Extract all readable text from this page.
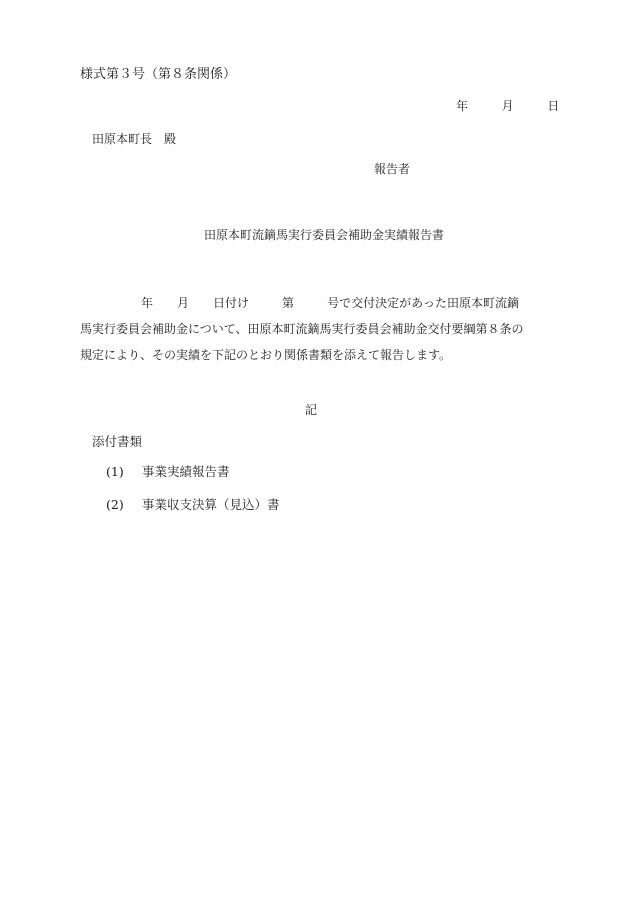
様式第３号（第８条関係）
年	月	日
田原本町長　殿
報告者
田原本町流鏑馬実行委員会補助金実績報告書
年 月 日付け	第	号で交付決定があった田原本町流鏑
馬実行委員会補助金について、田原本町流鏑馬実行委員会補助金交付要綱第８条の
規定により、その実績を下記のとおり関係書類を添えて報告します。
記
添付書類
(1) 事業実績報告書
(2) 事業収支決算（見込）書
